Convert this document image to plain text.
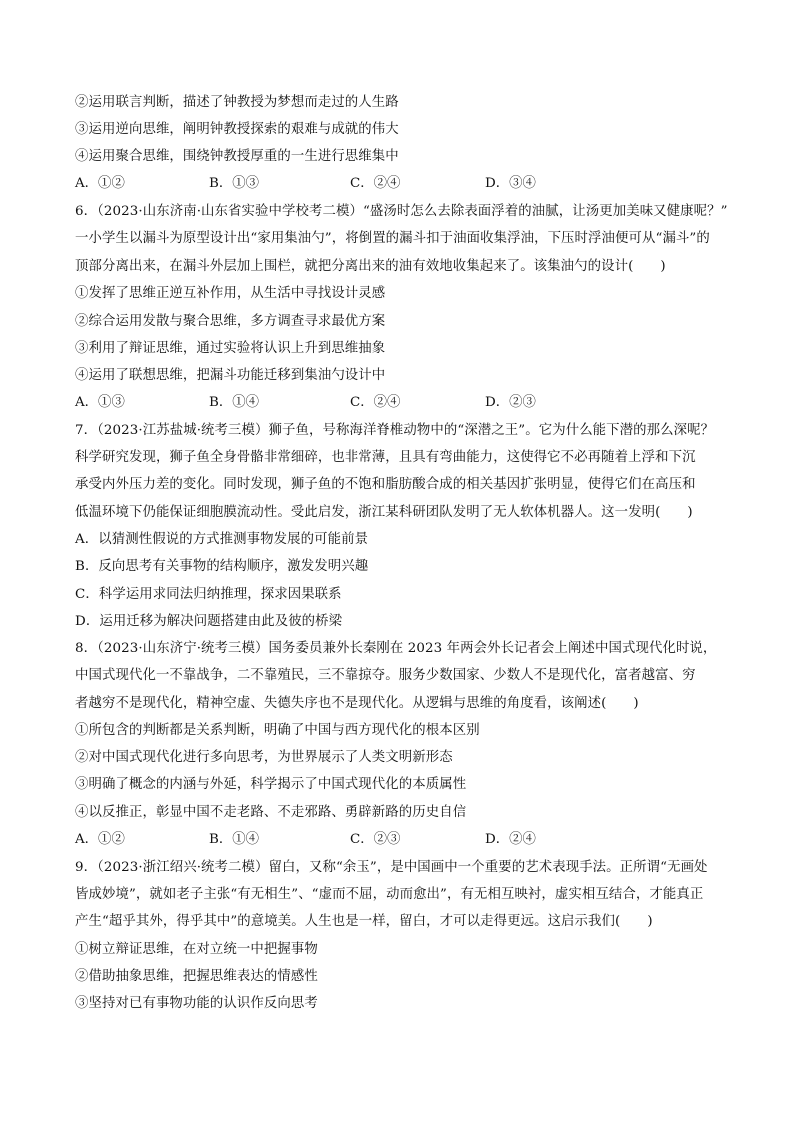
②运用联言判断，描述了钟教授为梦想而走过的人生路
③运用逆向思维，阐明钟教授探索的艰难与成就的伟大
④运用聚合思维，围绕钟教授厚重的一生进行思维集中
A．①②	B．①③	C．②④	D．③④
6．（2023·山东济南·山东省实验中学校考二模）“盛汤时怎么去除表面浮着的油腻，让汤更加美味又健康呢？”
一小学生以漏斗为原型设计出“家用集油勺”，将倒置的漏斗扣于油面收集浮油，下压时浮油便可从“漏斗”的
顶部分离出来，在漏斗外层加上围栏，就把分离出来的油有效地收集起来了。该集油勺的设计(　　)
①发挥了思维正逆互补作用，从生活中寻找设计灵感
②综合运用发散与聚合思维，多方调查寻求最优方案
③利用了辩证思维，通过实验将认识上升到思维抽象
④运用了联想思维，把漏斗功能迁移到集油勺设计中
A．①③	B．①④	C．②④	D．②③
7．（2023·江苏盐城·统考三模）狮子鱼，号称海洋脊椎动物中的“深潜之王”。它为什么能下潜的那么深呢？
科学研究发现，狮子鱼全身骨骼非常细碎，也非常薄，且具有弯曲能力，这使得它不必再随着上浮和下沉
承受内外压力差的变化。同时发现，狮子鱼的不饱和脂肪酸合成的相关基因扩张明显，使得它们在高压和
低温环境下仍能保证细胞膜流动性。受此启发，浙江某科研团队发明了无人软体机器人。这一发明(　　)
A．以猜测性假说的方式推测事物发展的可能前景
B．反向思考有关事物的结构顺序，激发发明兴趣
C．科学运用求同法归纳推理，探求因果联系
D．运用迁移为解决问题搭建由此及彼的桥梁
8．（2023·山东济宁·统考三模）国务委员兼外长秦刚在 2023 年两会外长记者会上阐述中国式现代化时说，
中国式现代化一不靠战争，二不靠殖民，三不靠掠夺。服务少数国家、少数人不是现代化，富者越富、穷
者越穷不是现代化，精神空虚、失德失序也不是现代化。从逻辑与思维的角度看，该阐述(　　)
①所包含的判断都是关系判断，明确了中国与西方现代化的根本区别
②对中国式现代化进行多向思考，为世界展示了人类文明新形态
③明确了概念的内涵与外延，科学揭示了中国式现代化的本质属性
④以反推正，彰显中国不走老路、不走邪路、勇辟新路的历史自信
A．①②	B．①④	C．②③	D．②④
9．（2023·浙江绍兴·统考二模）留白，又称“余玉”，是中国画中一个重要的艺术表现手法。正所谓“无画处
皆成妙境”，就如老子主张“有无相生”、“虚而不屈，动而愈出”，有无相互映衬，虚实相互结合，才能真正
产生“超乎其外，得乎其中”的意境美。人生也是一样，留白，才可以走得更远。这启示我们(　　)
①树立辩证思维，在对立统一中把握事物
②借助抽象思维，把握思维表达的情感性
③坚持对已有事物功能的认识作反向思考
